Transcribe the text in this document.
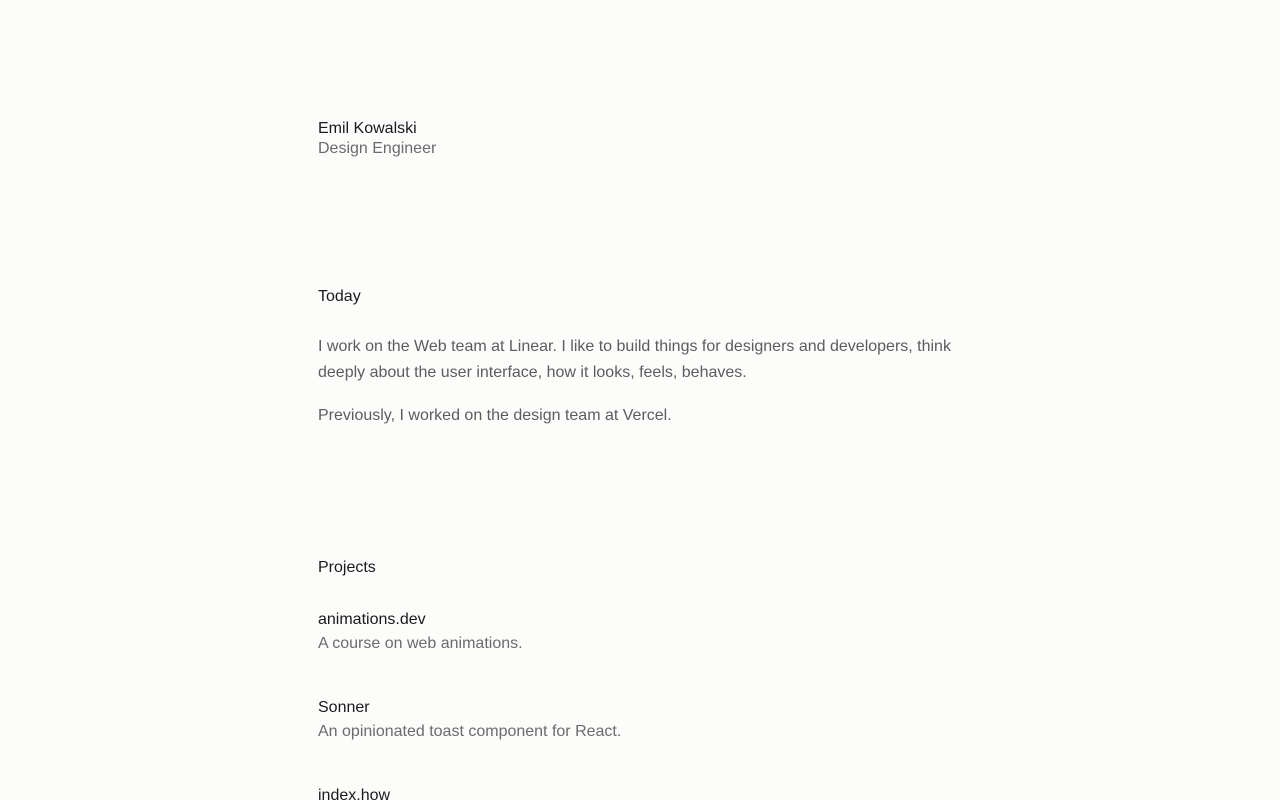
Emil Kowalski
Design Engineer
Today

I work on the Web team at Linear. I like to build things for designers and developers, think deeply about the user interface, how it looks, feels, behaves.

Previously, I worked on the design team at Vercel.

Projects
animations.dev
A course on web animations.
Sonner
An opinionated toast component for React.
index.how
